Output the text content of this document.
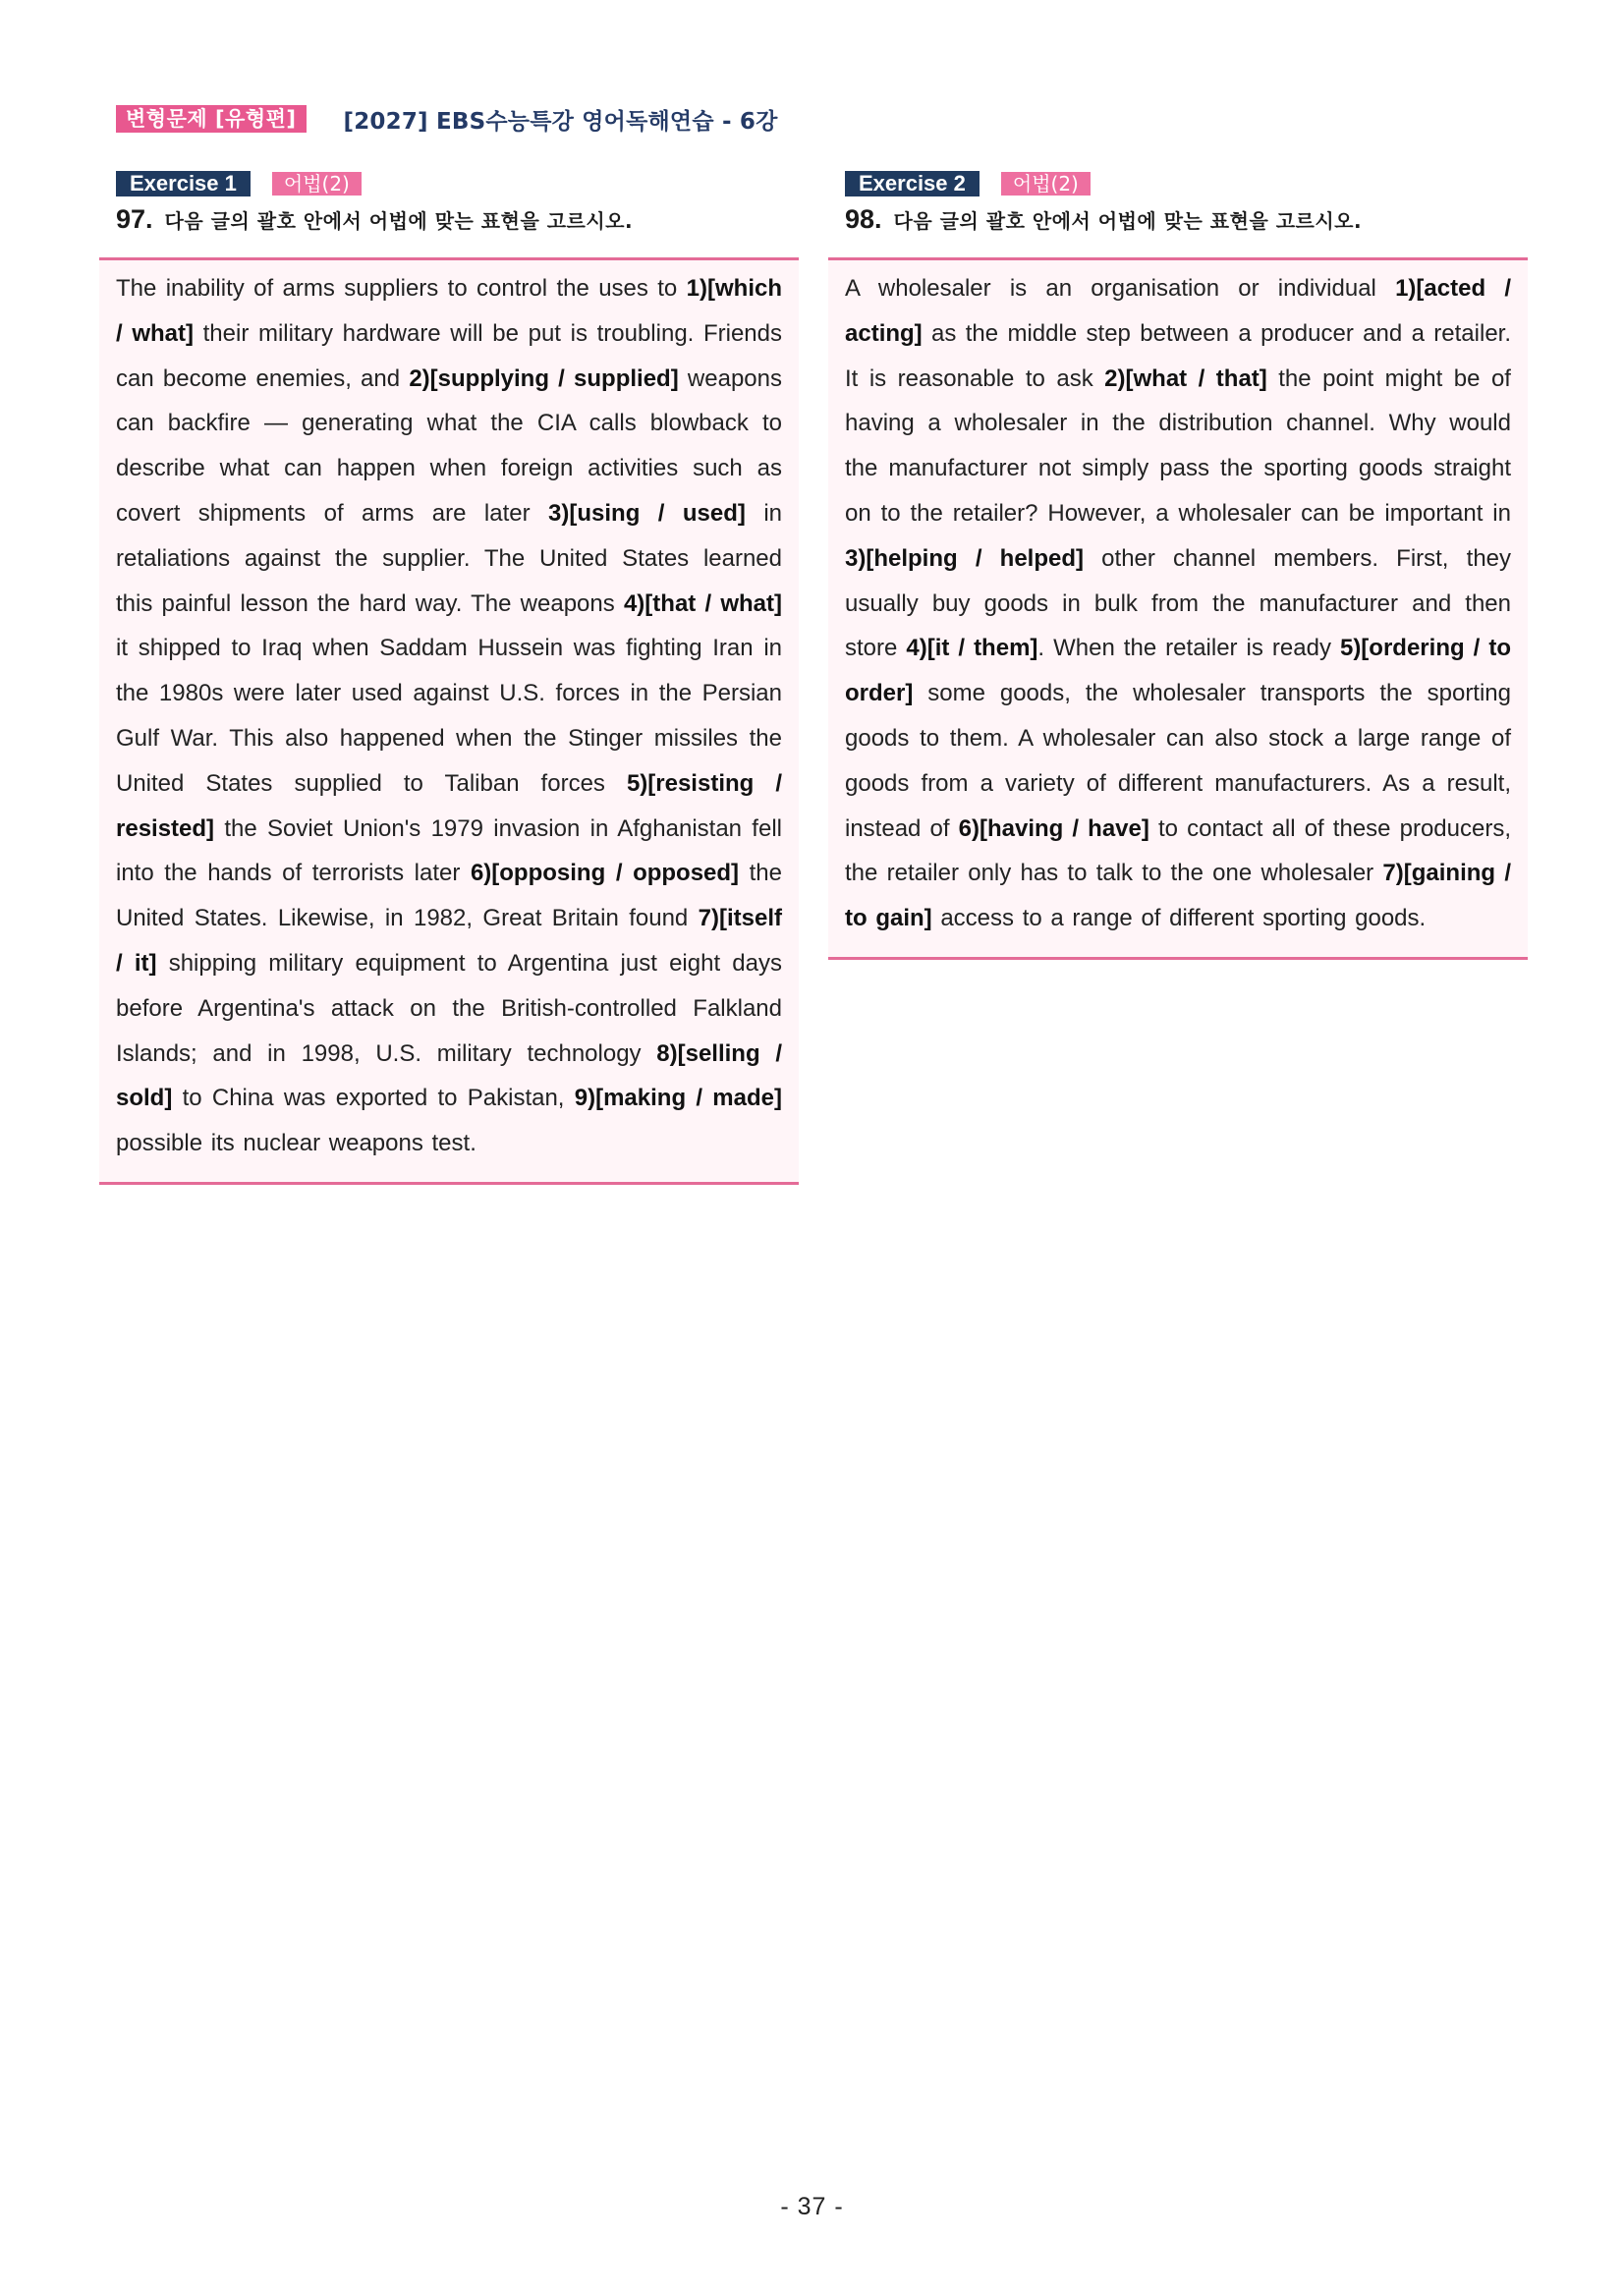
변형문제 [유형편]	[2027] EBS수능특강 영어독해연습 - 6강
Exercise 1	어법(2)
97. 다음 글의 괄호 안에서 어법에 맞는 표현을 고르시오.

The inability of arms suppliers to control the uses to 1)[which / what] their military hardware will be put is troubling. Friends can become enemies, and 2)[supplying / supplied] weapons can backfire — generating what the CIA calls blowback to describe what can happen when foreign activities such as covert shipments of arms are later 3)[using / used] in retaliations against the supplier. The United States learned this painful lesson the hard way. The weapons 4)[that / what] it shipped to Iraq when Saddam Hussein was fighting Iran in the 1980s were later used against U.S. forces in the Persian Gulf War. This also happened when the Stinger missiles the United States supplied to Taliban forces 5)[resisting / resisted] the Soviet Union's 1979 invasion in Afghanistan fell into the hands of terrorists later 6)[opposing / opposed] the United States. Likewise, in 1982, Great Britain found 7)[itself / it] shipping military equipment to Argentina just eight days before Argentina's attack on the British-controlled Falkland Islands; and in 1998, U.S. military technology 8)[selling / sold] to China was exported to Pakistan, 9)[making / made] possible its nuclear weapons test.

Exercise 2	어법(2)
98. 다음 글의 괄호 안에서 어법에 맞는 표현을 고르시오.

A wholesaler is an organisation or individual 1)[acted / acting] as the middle step between a producer and a retailer. It is reasonable to ask 2)[what / that] the point might be of having a wholesaler in the distribution channel. Why would the manufacturer not simply pass the sporting goods straight on to the retailer? However, a wholesaler can be important in 3)[helping / helped] other channel members. First, they usually buy goods in bulk from the manufacturer and then store 4)[it / them]. When the retailer is ready 5)[ordering / to order] some goods, the wholesaler transports the sporting goods to them. A wholesaler can also stock a large range of goods from a variety of different manufacturers. As a result, instead of 6)[having / have] to contact all of these producers, the retailer only has to talk to the one wholesaler 7)[gaining / to gain] access to a range of different sporting goods.

- 37 -
